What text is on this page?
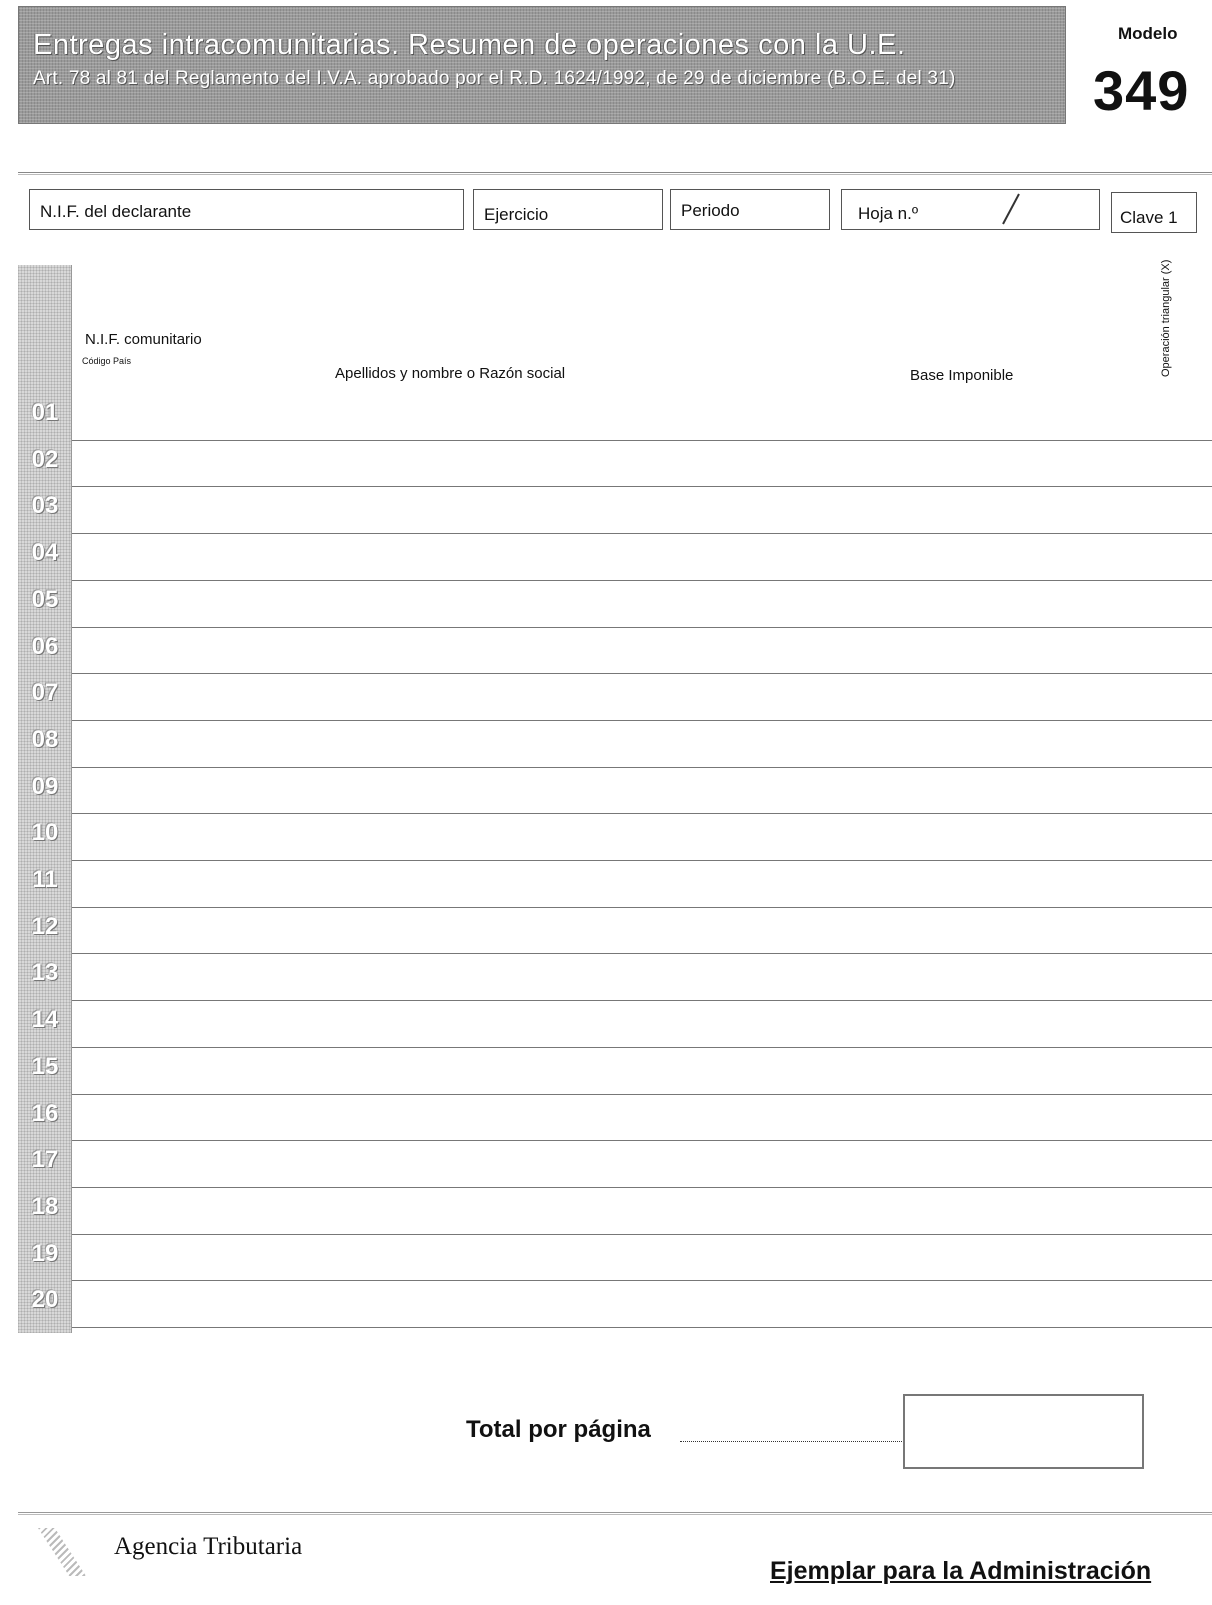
Entregas intracomunitarias. Resumen de operaciones con la U.E.
Art. 78 al 81 del Reglamento del I.V.A. aprobado por el R.D. 1624/1992, de 29 de diciembre (B.O.E. del 31)
Modelo
349
N.I.F. del declarante	Ejercicio	Periodo	Hoja n.º	Clave 1
N.I.F. comunitario
Código País
Apellidos y nombre o Razón social	Base Imponible	Operación triangular (X)
01
02
03
04
05
06
07
08
09
10
11
12
13
14
15
16
17
18
19
20
Total por página
Agencia Tributaria
Ejemplar para la Administración
